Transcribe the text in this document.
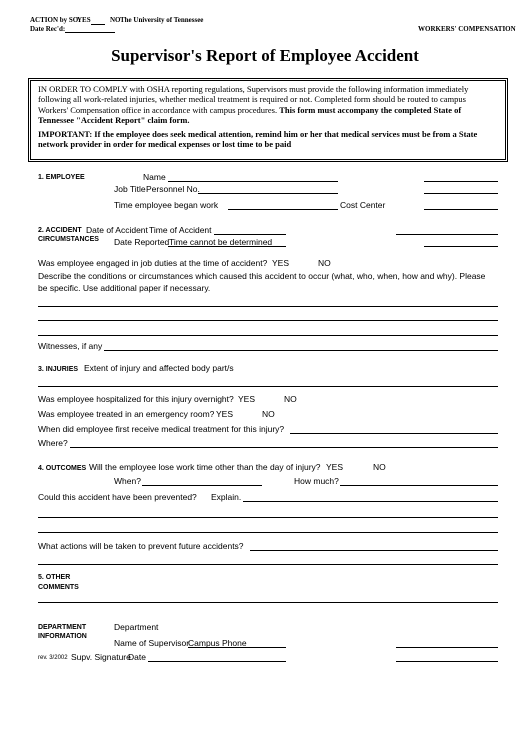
ACTION by SO:
YES	NO The University of Tennessee
Date Rec'd:	WORKERS' COMPENSATION
Supervisor's Report of Employee Accident

IN ORDER TO COMPLY with OSHA reporting regulations, Supervisors must provide the following information immediately following all work-related injuries, whether medical treatment is required or not. Completed form should be routed to campus Workers' Compensation office in accordance with campus procedures. This form must accompany the completed State of Tennessee "Accident Report" claim form.

IMPORTANT: If the employee does seek medical attention, remind him or her that medical services must be from a State network provider in order for medical expenses or lost time to be paid

1. EMPLOYEE	Name
Job Title Personnel No.
Time employee began work	Cost Center
2. ACCIDENT
CIRCUMSTANCES
Date of Accident Time of Accident
Date Reported Time cannot be determined
Was employee engaged in job duties at the time of accident? YES	NO
Describe the conditions or circumstances which caused this accident to occur (what, who, when, how and why). Please
be specific. Use additional paper if necessary.
Witnesses, if any
3. INJURIES Extent of injury and affected body part/s
Was employee hospitalized for this injury overnight? YES	NO
Was employee treated in an emergency room? YES	NO
When did employee first receive medical treatment for this injury?
Where?
4. OUTCOMES Will the employee lose work time other than the day of injury? YES	NO
When?	How much?
Could this accident have been prevented? Explain.
What actions will be taken to prevent future accidents?
5. OTHER
COMMENTS
DEPARTMENT
INFORMATION
Department
Name of Supervisor
Campus Phone
rev. 3/2002 Supv. Signature
Date
